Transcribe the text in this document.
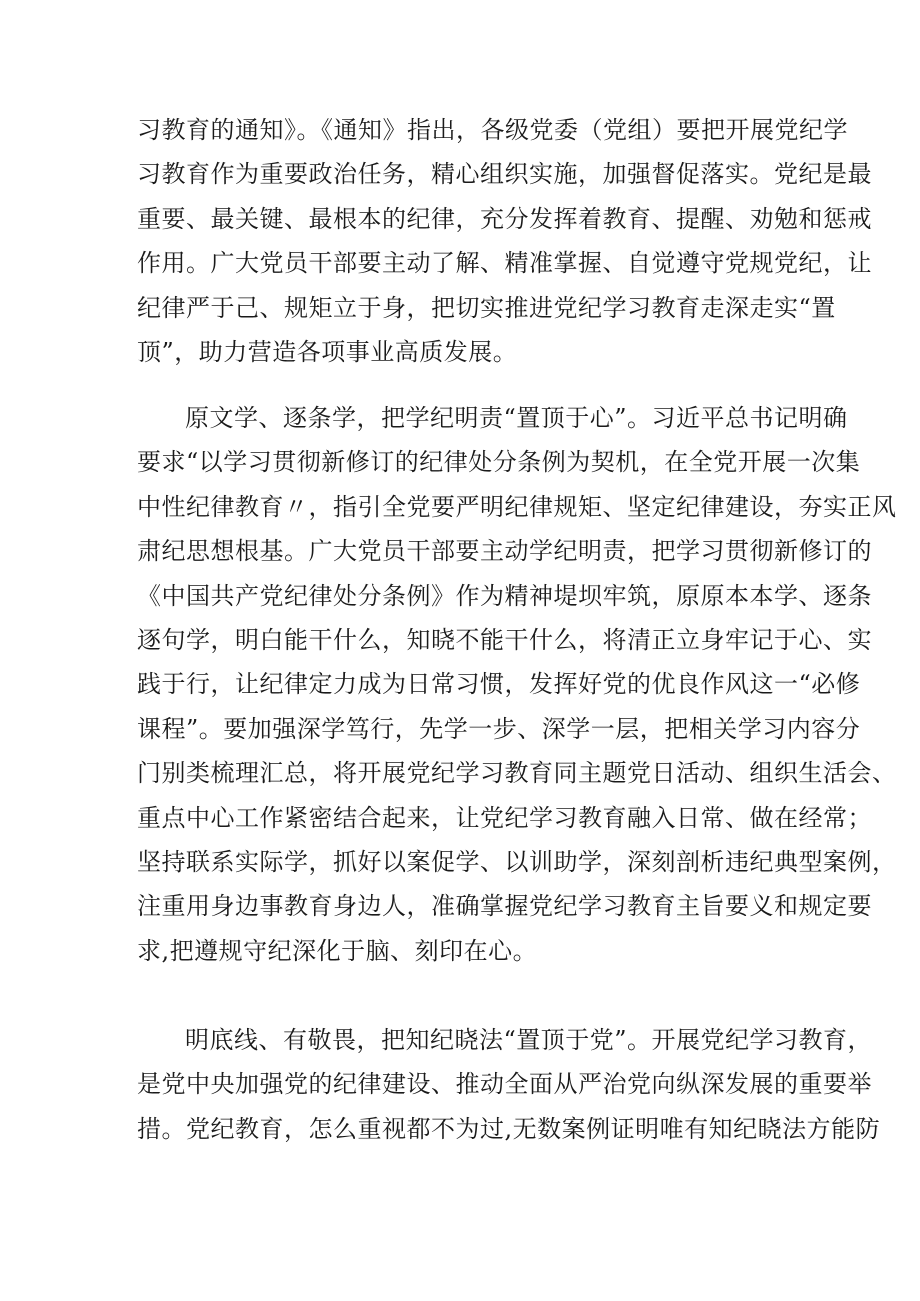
习教育的通知》。《通知》指出，各级党委（党组）要把开展党纪学
习教育作为重要政治任务，精心组织实施，加强督促落实。党纪是最
重要、最关键、最根本的纪律，充分发挥着教育、提醒、劝勉和惩戒
作用。广大党员干部要主动了解、精准掌握、自觉遵守党规党纪，让
纪律严于己、规矩立于身，把切实推进党纪学习教育走深走实“置
顶”，助力营造各项事业高质发展。
原文学、逐条学，把学纪明责“置顶于心”。习近平总书记明确
要求“以学习贯彻新修订的纪律处分条例为契机，在全党开展一次集
中性纪律教育〃，指引全党要严明纪律规矩、坚定纪律建设，夯实正风
肃纪思想根基。广大党员干部要主动学纪明责，把学习贯彻新修订的
《中国共产党纪律处分条例》作为精神堤坝牢筑，原原本本学、逐条
逐句学，明白能干什么，知晓不能干什么，将清正立身牢记于心、实
践于行，让纪律定力成为日常习惯，发挥好党的优良作风这一“必修
课程”。要加强深学笃行，先学一步、深学一层，把相关学习内容分
门别类梳理汇总，将开展党纪学习教育同主题党日活动、组织生活会、
重点中心工作紧密结合起来，让党纪学习教育融入日常、做在经常；
坚持联系实际学，抓好以案促学、以训助学，深刻剖析违纪典型案例，
注重用身边事教育身边人，准确掌握党纪学习教育主旨要义和规定要
求,把遵规守纪深化于脑、刻印在心。
明底线、有敬畏，把知纪晓法“置顶于党”。开展党纪学习教育，
是党中央加强党的纪律建设、推动全面从严治党向纵深发展的重要举
措。党纪教育，怎么重视都不为过,无数案例证明唯有知纪晓法方能防
